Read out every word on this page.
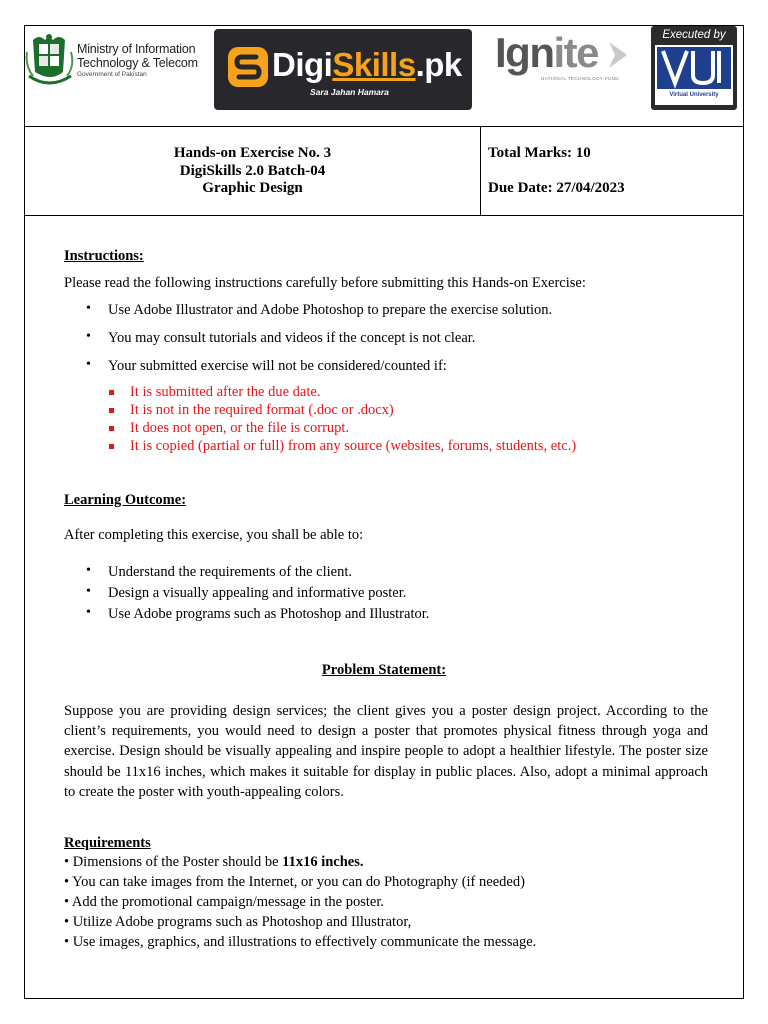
Ministry of Information
Technology & Telecom
Government of Pakistan	DigiSkills.pk
Sara Jahan Hamara
Ignite
NATIONAL TECHNOLOGY FUND
Executed by
Virtual University
Hands-on Exercise No. 3
DigiSkills 2.0 Batch-04
Graphic Design
Total Marks: 10
Due Date: 27/04/2023
Instructions:
Please read the following instructions carefully before submitting this Hands-on Exercise:
• Use Adobe Illustrator and Adobe Photoshop to prepare the exercise solution.
• You may consult tutorials and videos if the concept is not clear.
• Your submitted exercise will not be considered/counted if:
It is submitted after the due date.
It is not in the required format (.doc or .docx)
It does not open, or the file is corrupt.
It is copied (partial or full) from any source (websites, forums, students, etc.)
Learning Outcome:
After completing this exercise, you shall be able to:
• Understand the requirements of the client.
• Design a visually appealing and informative poster.
• Use Adobe programs such as Photoshop and Illustrator.
Problem Statement:
Suppose you are providing design services; the client gives you a poster design project. According to the client’s requirements, you would need to design a poster that promotes physical fitness through yoga and exercise. Design should be visually appealing and inspire people to adopt a healthier lifestyle. The poster size should be 11x16 inches, which makes it suitable for display in public places. Also, adopt a minimal approach to create the poster with youth-appealing colors.
Requirements
• Dimensions of the Poster should be 11x16 inches.
• You can take images from the Internet, or you can do Photography (if needed)
• Add the promotional campaign/message in the poster.
• Utilize Adobe programs such as Photoshop and Illustrator,
• Use images, graphics, and illustrations to effectively communicate the message.
